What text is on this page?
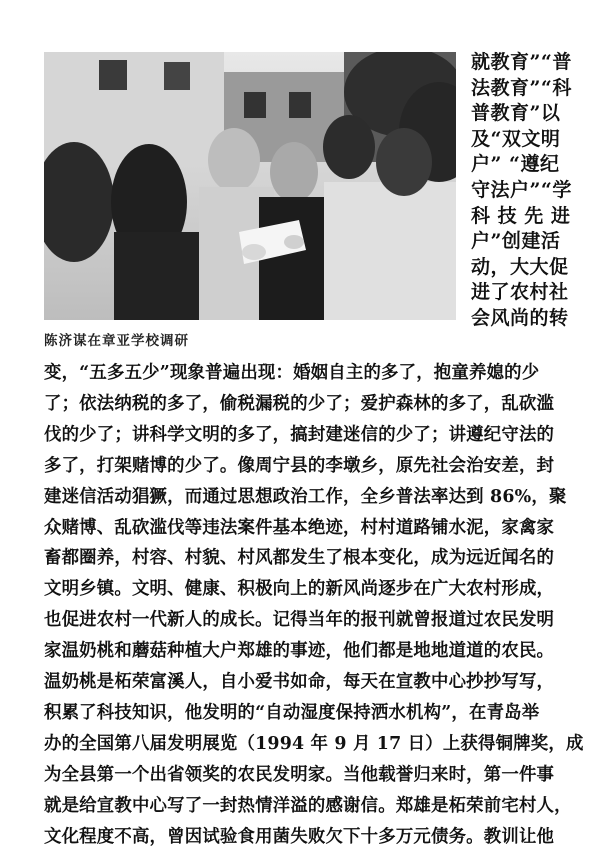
陈济谋在章亚学校调研
就教育”“普
法教育”“科
普教育”以
及“双文明
户” “遵纪
守法户”“学
科 技 先 进
户”创建活
动，大大促
进了农村社
会风尚的转
变，“五多五少”现象普遍出现：婚姻自主的多了，抱童养媳的少
了；依法纳税的多了，偷税漏税的少了；爱护森林的多了，乱砍滥
伐的少了；讲科学文明的多了，搞封建迷信的少了；讲遵纪守法的
多了，打架赌博的少了。像周宁县的李墩乡，原先社会治安差，封
建迷信活动猖獗，而通过思想政治工作，全乡普法率达到 86%，聚
众赌博、乱砍滥伐等违法案件基本绝迹，村村道路铺水泥，家禽家
畜都圈养，村容、村貌、村风都发生了根本变化，成为远近闻名的
文明乡镇。文明、健康、积极向上的新风尚逐步在广大农村形成，
也促进农村一代新人的成长。记得当年的报刊就曾报道过农民发明
家温奶桃和蘑菇种植大户郑雄的事迹，他们都是地地道道的农民。
温奶桃是柘荣富溪人，自小爱书如命，每天在宣教中心抄抄写写，
积累了科技知识，他发明的“自动湿度保持洒水机构”，在青岛举
办的全国第八届发明展览（1994 年 9 月 17 日）上获得铜牌奖，成
为全县第一个出省领奖的农民发明家。当他载誉归来时，第一件事
就是给宣教中心写了一封热情洋溢的感谢信。郑雄是柘荣前宅村人，
文化程度不高，曾因试验食用菌失败欠下十多万元债务。教训让他
